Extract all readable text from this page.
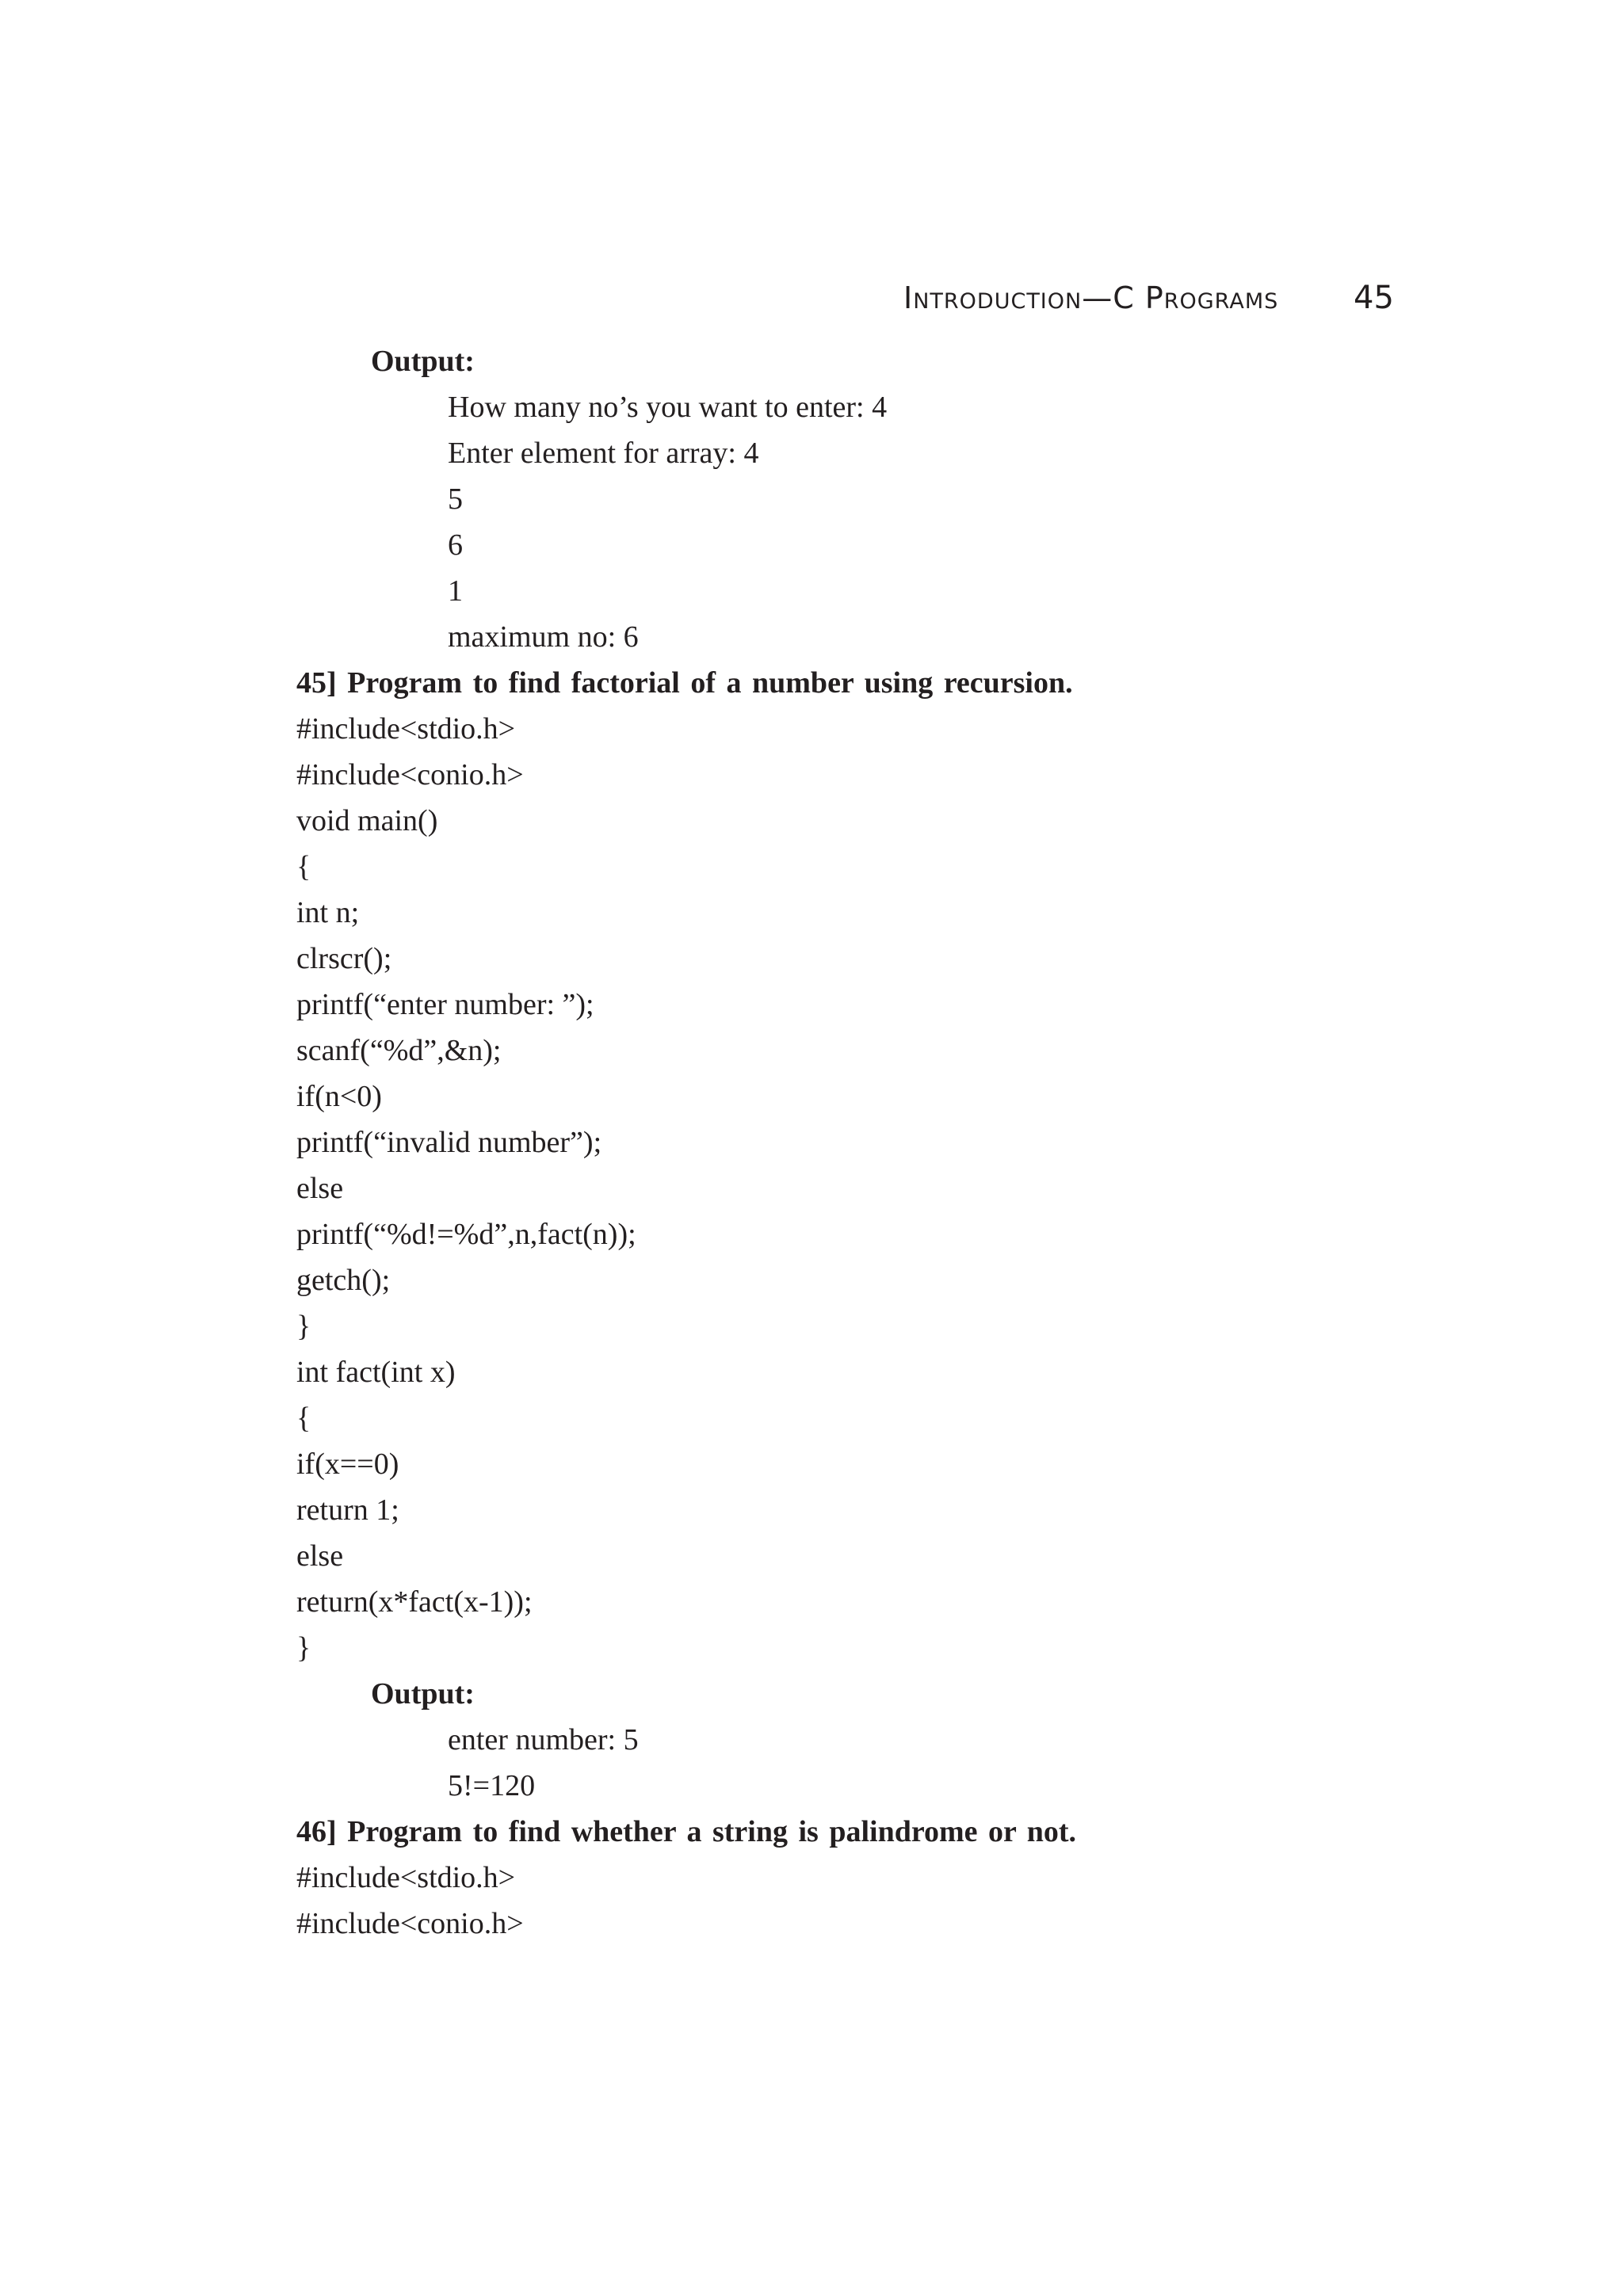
Introduction—C Programs 45
Output:
How many no’s you want to enter: 4
Enter element for array: 4
5
6
1
maximum no: 6
45] Program to find factorial of a number using recursion.
#include<stdio.h>
#include<conio.h>
void main()
{
int n;
clrscr();
printf(“enter number: ”);
scanf(“%d”,&n);
if(n<0)
printf(“invalid number”);
else
printf(“%d!=%d”,n,fact(n));
getch();
}
int fact(int x)
{
if(x==0)
return 1;
else
return(x*fact(x-1));
}
Output:
enter number: 5
5!=120
46] Program to find whether a string is palindrome or not.
#include<stdio.h>
#include<conio.h>
